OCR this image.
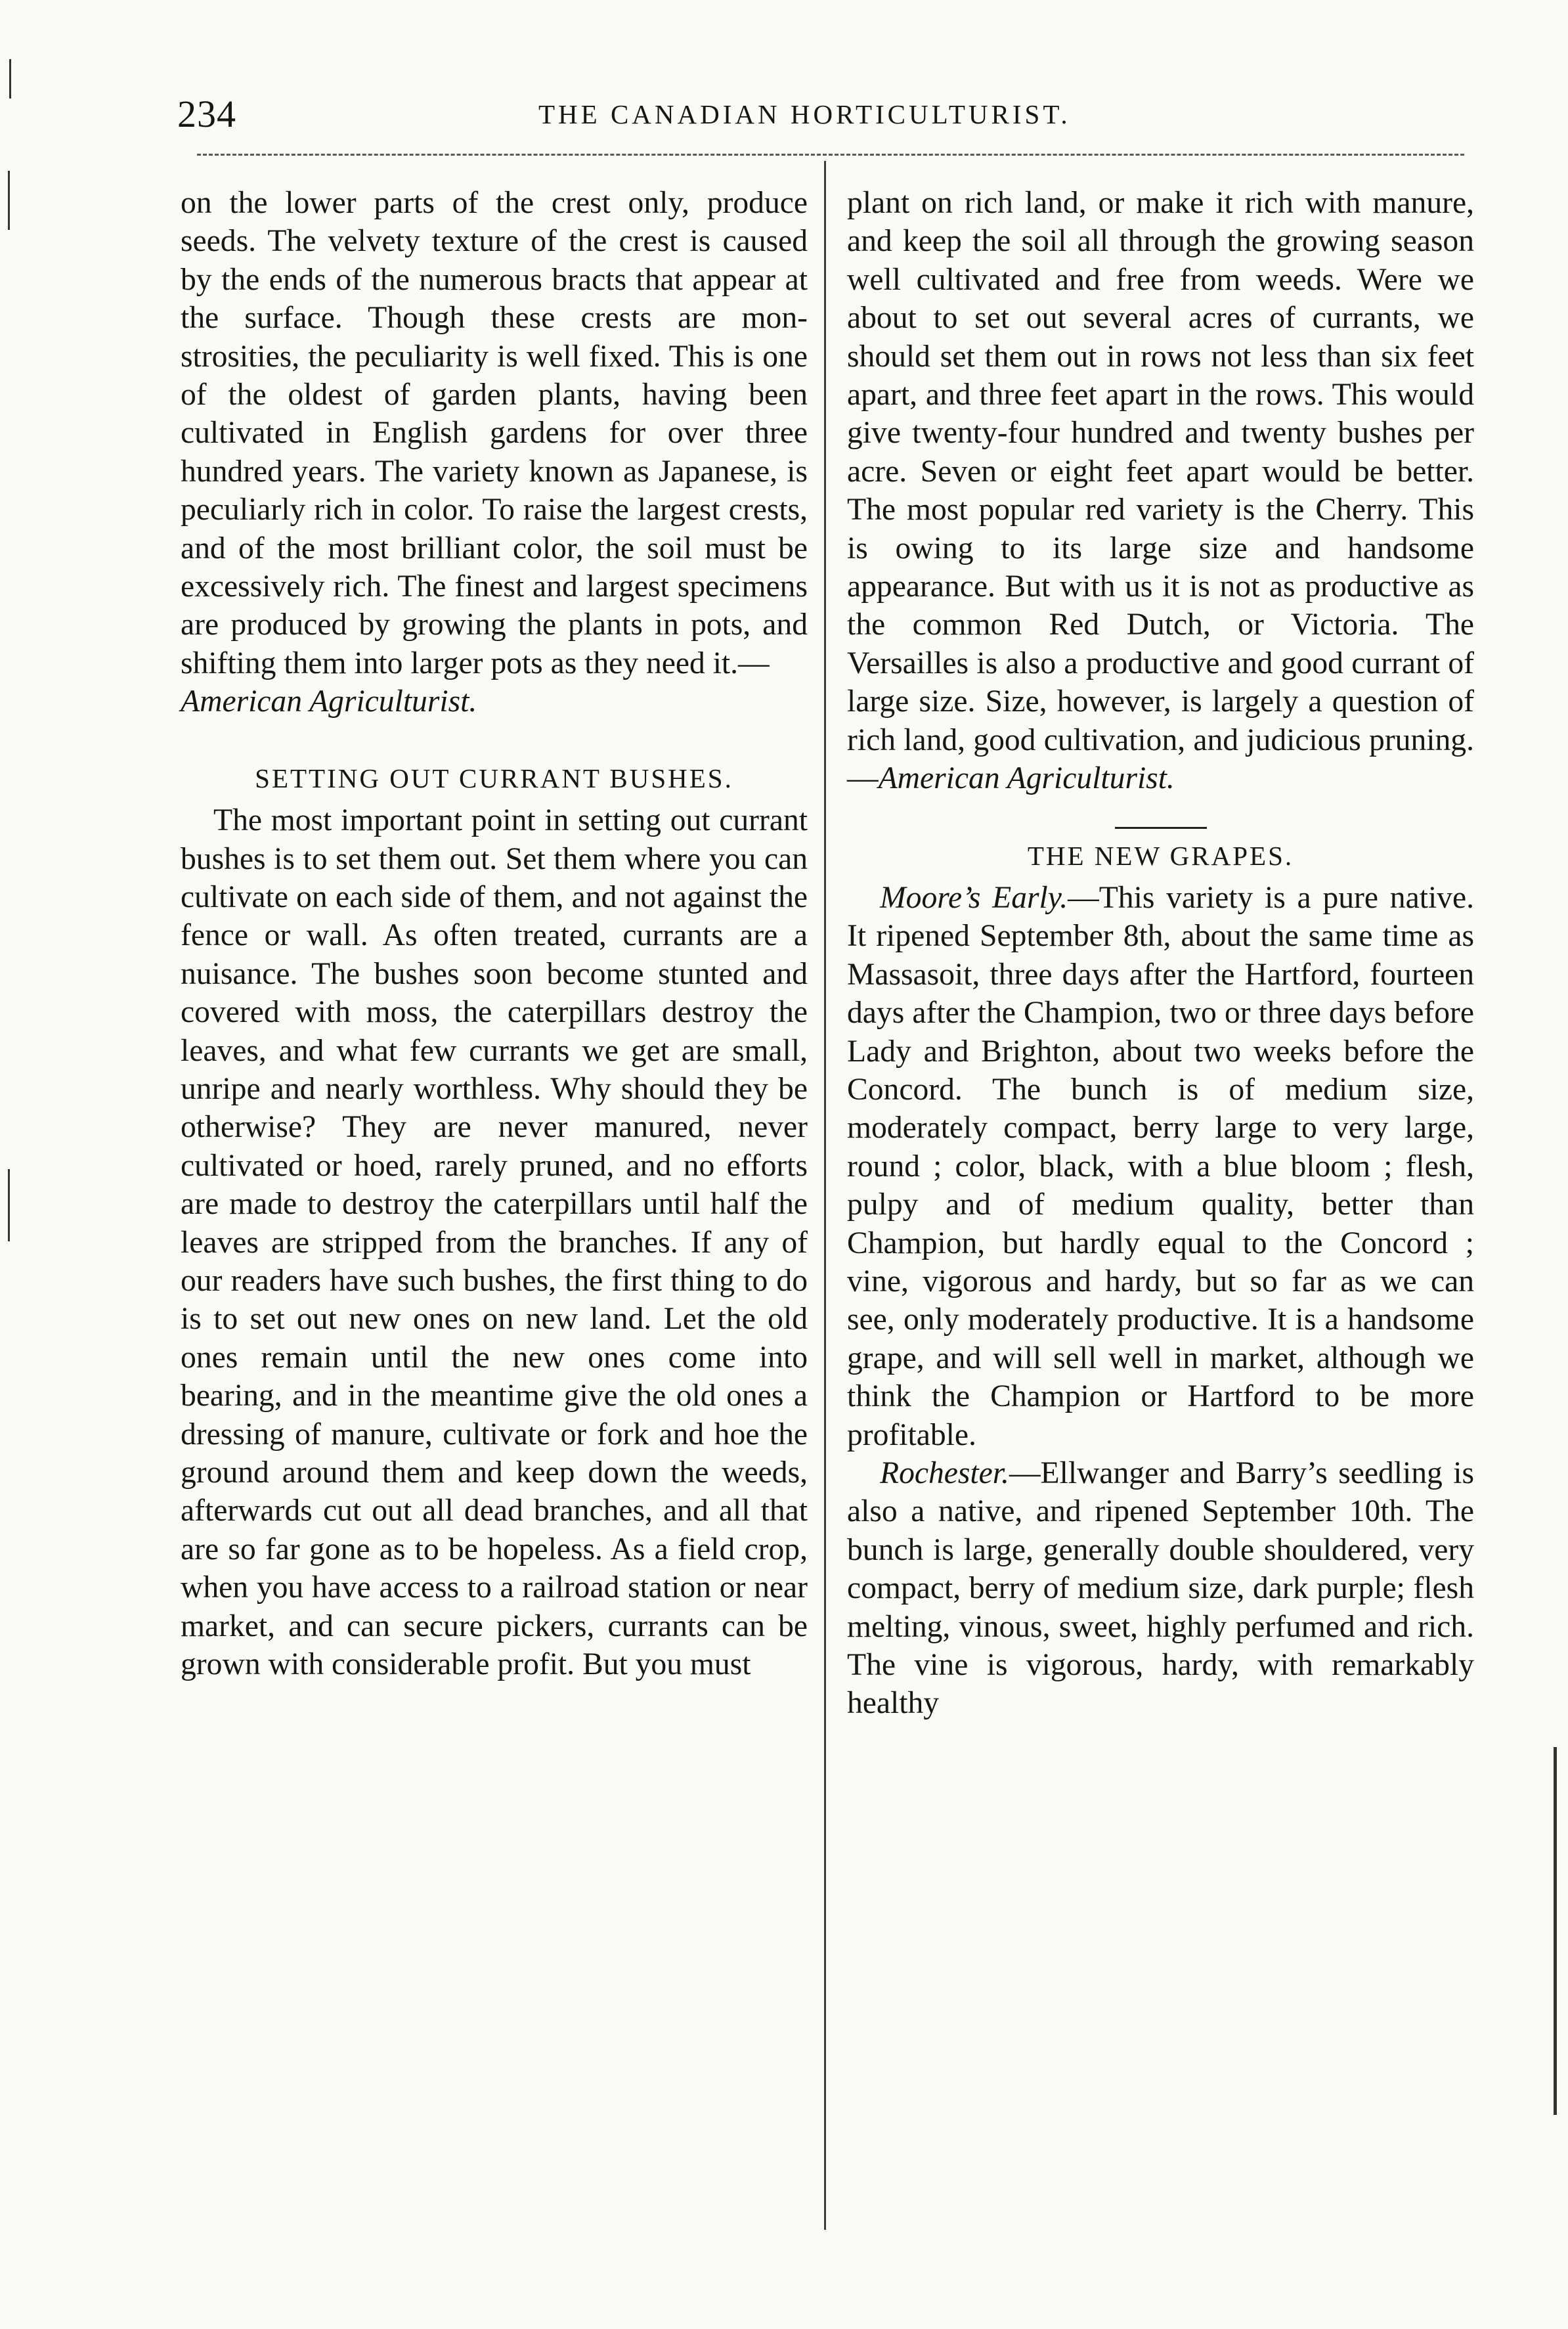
234	THE CANADIAN HORTICULTURIST.

on the lower parts of the crest only, produce seeds. The velvety texture of the crest is caused by the ends of the numerous bracts that appear at the surface. Though these crests are monstrosities, the peculiarity is well fixed. This is one of the oldest of garden plants, having been cultivated in English gardens for over three hundred years. The variety known as Japanese, is peculiarly rich in color. To raise the largest crests, and of the most brilliant color, the soil must be excessively rich. The finest and largest specimens are produced by growing the plants in pots, and shifting them into larger pots as they need it.—
American Agriculturist.

SETTING OUT CURRANT BUSHES.

The most important point in setting out currant bushes is to set them out. Set them where you can cultivate on each side of them, and not against the fence or wall. As often treated, currants are a nuisance. The bushes soon become stunted and covered with moss, the caterpillars destroy the leaves, and what few currants we get are small, unripe and nearly worthless. Why should they be otherwise? They are never manured, never cultivated or hoed, rarely pruned, and no efforts are made to destroy the caterpillars until half the leaves are stripped from the branches. If any of our readers have such bushes, the first thing to do is to set out new ones on new land. Let the old ones remain until the new ones come into bearing, and in the meantime give the old ones a dressing of manure, cultivate or fork and hoe the ground around them and keep down the weeds, afterwards cut out all dead branches, and all that are so far gone as to be hopeless. As a field crop, when you have access to a railroad station or near market, and can secure pickers, currants can be grown with considerable profit. But you must

plant on rich land, or make it rich with manure, and keep the soil all through the growing season well cultivated and free from weeds. Were we about to set out several acres of currants, we should set them out in rows not less than six feet apart, and three feet apart in the rows. This would give twenty-four hundred and twenty bushes per acre. Seven or eight feet apart would be better. The most popular red variety is the Cherry. This is owing to its large size and handsome appearance. But with us it is not as productive as the common Red Dutch, or Victoria. The Versailles is also a productive and good currant of large size. Size, however, is largely a question of rich land, good cultivation, and judicious pruning.—American Agriculturist.

THE NEW GRAPES.

Moore’s Early.—This variety is a pure native. It ripened September 8th, about the same time as Massasoit, three days after the Hartford, fourteen days after the Champion, two or three days before Lady and Brighton, about two weeks before the Concord. The bunch is of medium size, moderately compact, berry large to very large, round ; color, black, with a blue bloom ; flesh, pulpy and of medium quality, better than Champion, but hardly equal to the Concord ; vine, vigorous and hardy, but so far as we can see, only moderately productive. It is a handsome grape, and will sell well in market, although we think the Champion or Hartford to be more profitable.

Rochester.—Ellwanger and Barry’s seedling is also a native, and ripened September 10th. The bunch is large, generally double shouldered, very compact, berry of medium size, dark purple; flesh melting, vinous, sweet, highly perfumed and rich. The vine is vigorous, hardy, with remarkably healthy
